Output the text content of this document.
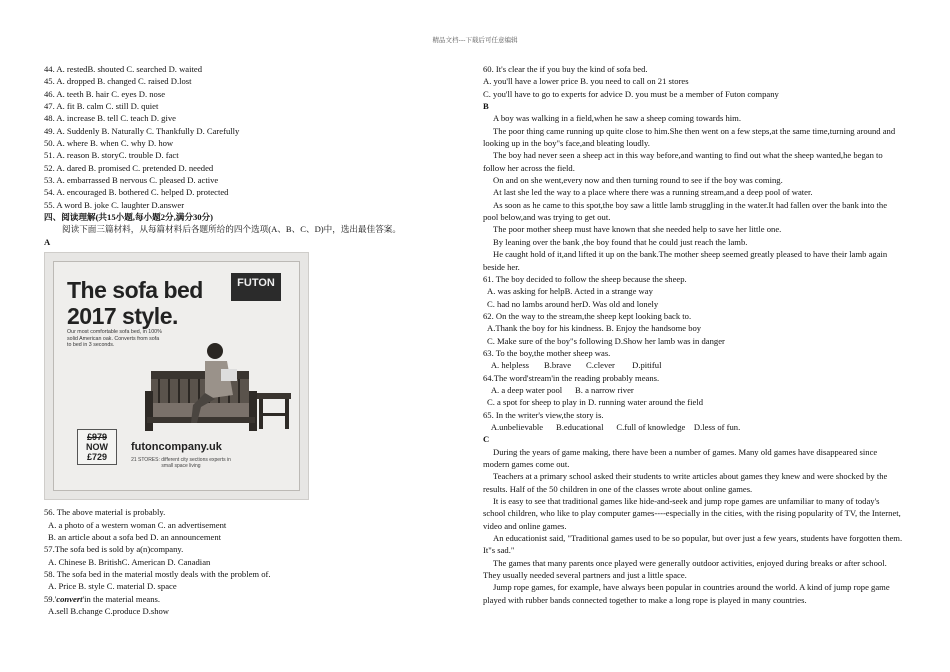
精品文档---下载后可任意编辑
44. A. restedB. shouted C. searched D. waited
45. A. dropped B. changed C. raised D.lost
46. A. teeth B. hair C. eyes D. nose
47. A. fit B. calm C. still D. quiet
48. A. increase B. tell C. teach D. give
49. A. Suddenly B. Naturally C. Thankfully D. Carefully
50. A. where B. when C. why D. how
51. A. reason B. storyC. trouble D. fact
52. A. dared B. promised C. pretended D. needed
53. A. embarrassed B nervous C. pleased D. active
54. A. encouraged B. bothered C. helped D. protected
55. A word B. joke C. laughter D.answer
四、阅读理解(共15小题,每小题2分,满分30分)
阅读下面三篇材料，从每篇材料后各题所给的四个选项(A、B、C、D)中，选出最佳答案。
A
The sofa bed
2017 style.
FUTON
Our most comfortable sofa bed, in 100% solid American oak. Converts from sofa to bed in 3 seconds.
£979
NOW
£729
futoncompany.uk
21 STORES: different city sections experts in small space living
56. The above material is probably.
A. a photo of a western woman C. an advertisement
B. an article about a sofa bed D. an announcement
57.The sofa bed is sold by a(n)company.
A. Chinese B. BritishC. American D. Canadian
58. The sofa bed in the material mostly deals with the problem of.
A. Price B. style C. material D. space
59.'convert'in the material means.
A.sell B.change C.produce D.show
60. It's clear the if you buy the kind of sofa bed.
A. you'll have a lower price B. you need to call on 21 stores
C. you'll have to go to experts for advice D. you must be a member of Futon company
B
A boy was walking in a field,when he saw a sheep coming towards him.
The poor thing came running up quite close to him.She then went on a few steps,at the same time,turning around and looking up in the boy"s face,and bleating loudly.
The boy had never seen a sheep act in this way before,and wanting to find out what the sheep wanted,he began to follow her across the field.
On and on she went,every now and then turning round to see if the boy was coming.
At last she led the way to a place where there was a running stream,and a deep pool of water.
As soon as he came to this spot,the boy saw a little lamb struggling in the water.It had fallen over the bank into the pool below,and was trying to get out.
The poor mother sheep must have known that she needed help to save her little one.
By leaning over the bank ,the boy found that he could just reach the lamb.
He caught hold of it,and lifted it up on the bank.The mother sheep seemed greatly pleased to have their lamb again beside her.
61. The boy decided to follow the sheep because the sheep.
A. was asking for helpB. Acted in a strange way
C. had no lambs around herD. Was old and lonely
62. On the way to the stream,the sheep kept looking back to.
A.Thank the boy for his kindness. B. Enjoy the handsome boy
C. Make sure of the boy"s following D.Show her lamb was in danger
63. To the boy,the mother sheep was.
A. helpless       B.brave       C.clever        D.pitiful
64.The word'stream'in the reading probably means.
A. a deep water pool      B. a narrow river
C. a spot for sheep to play in D. running water around the field
65. In the writer's view,the story is.
A.unbelievable      B.educational      C.full of knowledge    D.less of fun.
C
During the years of game making, there have been a number of games. Many old games have disappeared since modern games come out.
Teachers at a primary school asked their students to write articles about games they knew and were shocked by the results. Half of the 50 children in one of the classes wrote about online games.
It is easy to see that traditional games like hide-and-seek and jump rope games are unfamiliar to many of today's school children, who like to play computer games----especially in the cities, with the rising popularity of TV, the Internet, video and online games.
An educationist said, "Traditional games used to be so popular, but over just a few years, students have forgotten them. It"s sad."
The games that many parents once played were generally outdoor activities, enjoyed during breaks or after school. They usually needed several partners and just a little space.
Jump rope games, for example, have always been popular in countries around the world. A kind of jump rope game played with rubber bands connected together to make a long rope is played in many countries.
